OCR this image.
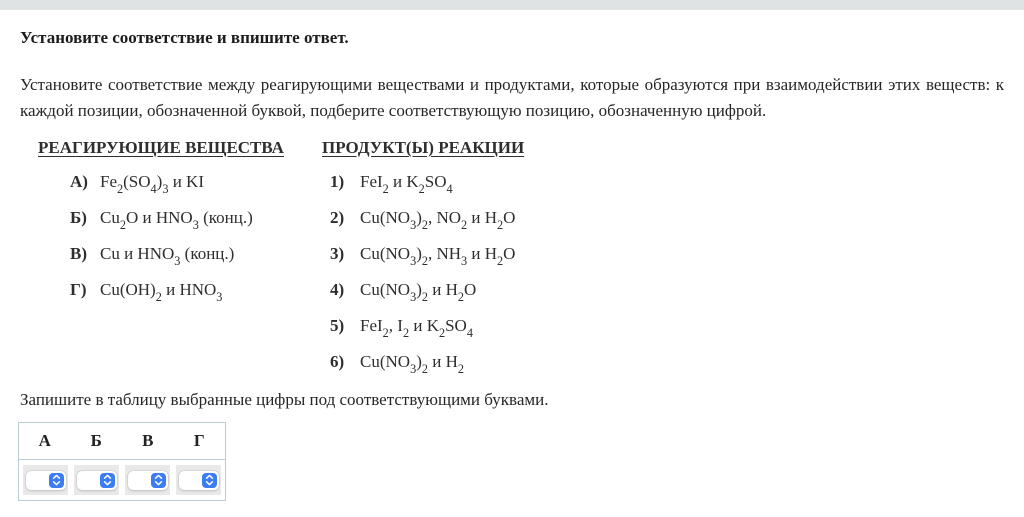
Установите соответствие и впишите ответ.
Установите соответствие между реагирующими веществами и продуктами, которые образуются при взаимодействии этих веществ: к каждой позиции, обозначенной буквой, подберите соответствующую позицию, обозначенную цифрой.
РЕАГИРУЮЩИЕ ВЕЩЕСТВА
А) $Fe_2(SO_4)_3$ и KI
Б) $Cu_2O$ и $HNO_3$ (конц.)
В) Cu и $HNO_3$ (конц.)
Г) $Cu(OH)_2$ и $HNO_3$
ПРОДУКТ(Ы) РЕАКЦИИ
1) FeI$_2$ и $K_2SO_4$
2) $Cu(NO_3)_2$, $NO_2$ и $H_2O$
3) $Cu(NO_3)_2$, $NH_3$ и $H_2O$
4) $Cu(NO_3)_2$ и $H_2O$
5) FeI$_2$, $I_2$ и $K_2SO_4$
6) $Cu(NO_3)_2$ и $H_2$
Запишите в таблицу выбранные цифры под соответствующими буквами.
А	Б	В	Г
